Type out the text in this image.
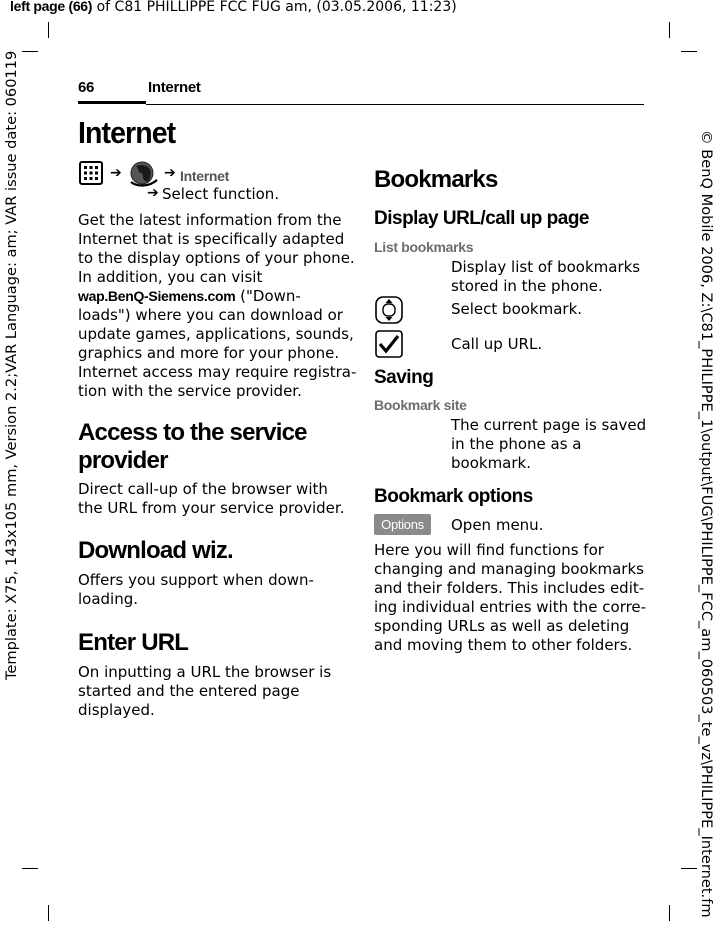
left page (66) of C81 PHILLIPPE FCC FUG am, (03.05.2006, 11:23)
Template: X75, 143x105 mm, Version 2.2;VAR Language: am; VAR issue date: 060119	© BenQ Mobile 2006, Z:\C81_PHILIPPE_1\output\FUG\PHILIPPE_FCC_am_060503_te_vz\PHILIPPE_Internet.fm
66	Internet
Internet
➔	➔ Internet
➔ Select function.
Get the latest information from the
Internet that is specifically adapted
to the display options of your phone.
In addition, you can visit
wap.BenQ-Siemens.com ("Down-
loads") where you can download or
update games, applications, sounds,
graphics and more for your phone.
Internet access may require registra-
tion with the service provider.
Access to the service
provider
Direct call-up of the browser with
the URL from your service provider.
Download wiz.
Offers you support when down-
loading.
Enter URL
On inputting a URL the browser is
started and the entered page
displayed.
Bookmarks
Display URL/call up page
List bookmarks
Display list of bookmarks
stored in the phone.
Select bookmark.
Call up URL.
Saving
Bookmark site
The current page is saved
in the phone as a
bookmark.
Bookmark options
Options	Open menu.
Here you will find functions for
changing and managing bookmarks
and their folders. This includes edit-
ing individual entries with the corre-
sponding URLs as well as deleting
and moving them to other folders.
